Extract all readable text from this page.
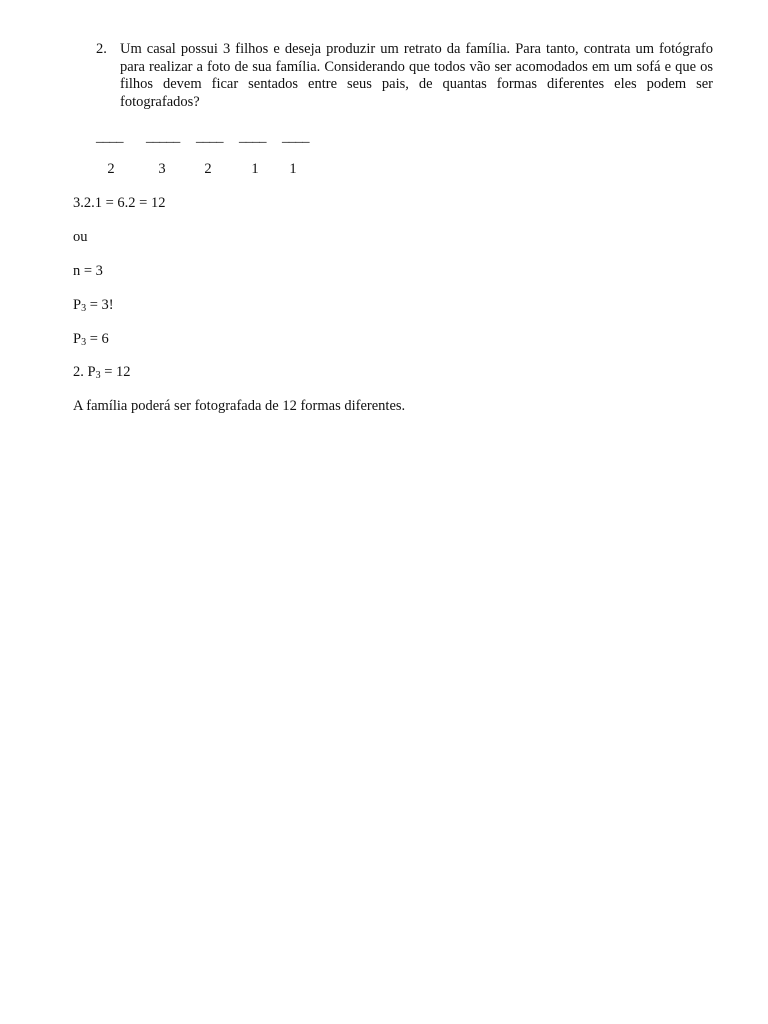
2. Um casal possui 3 filhos e deseja produzir um retrato da família. Para tanto, contrata um fotógrafo para realizar a foto de sua família. Considerando que todos vão ser acomodados em um sofá e que os filhos devem ficar sentados entre seus pais, de quantas formas diferentes eles podem ser fotografados?
____ _____ ____ ____ ____
2	3	2	1	1
3.2.1 = 6.2 = 12
ou
n = 3
$P_3 = 3$!
$P_3 = 6$
2. $P_3 = 12$
A família poderá ser fotografada de 12 formas diferentes.
